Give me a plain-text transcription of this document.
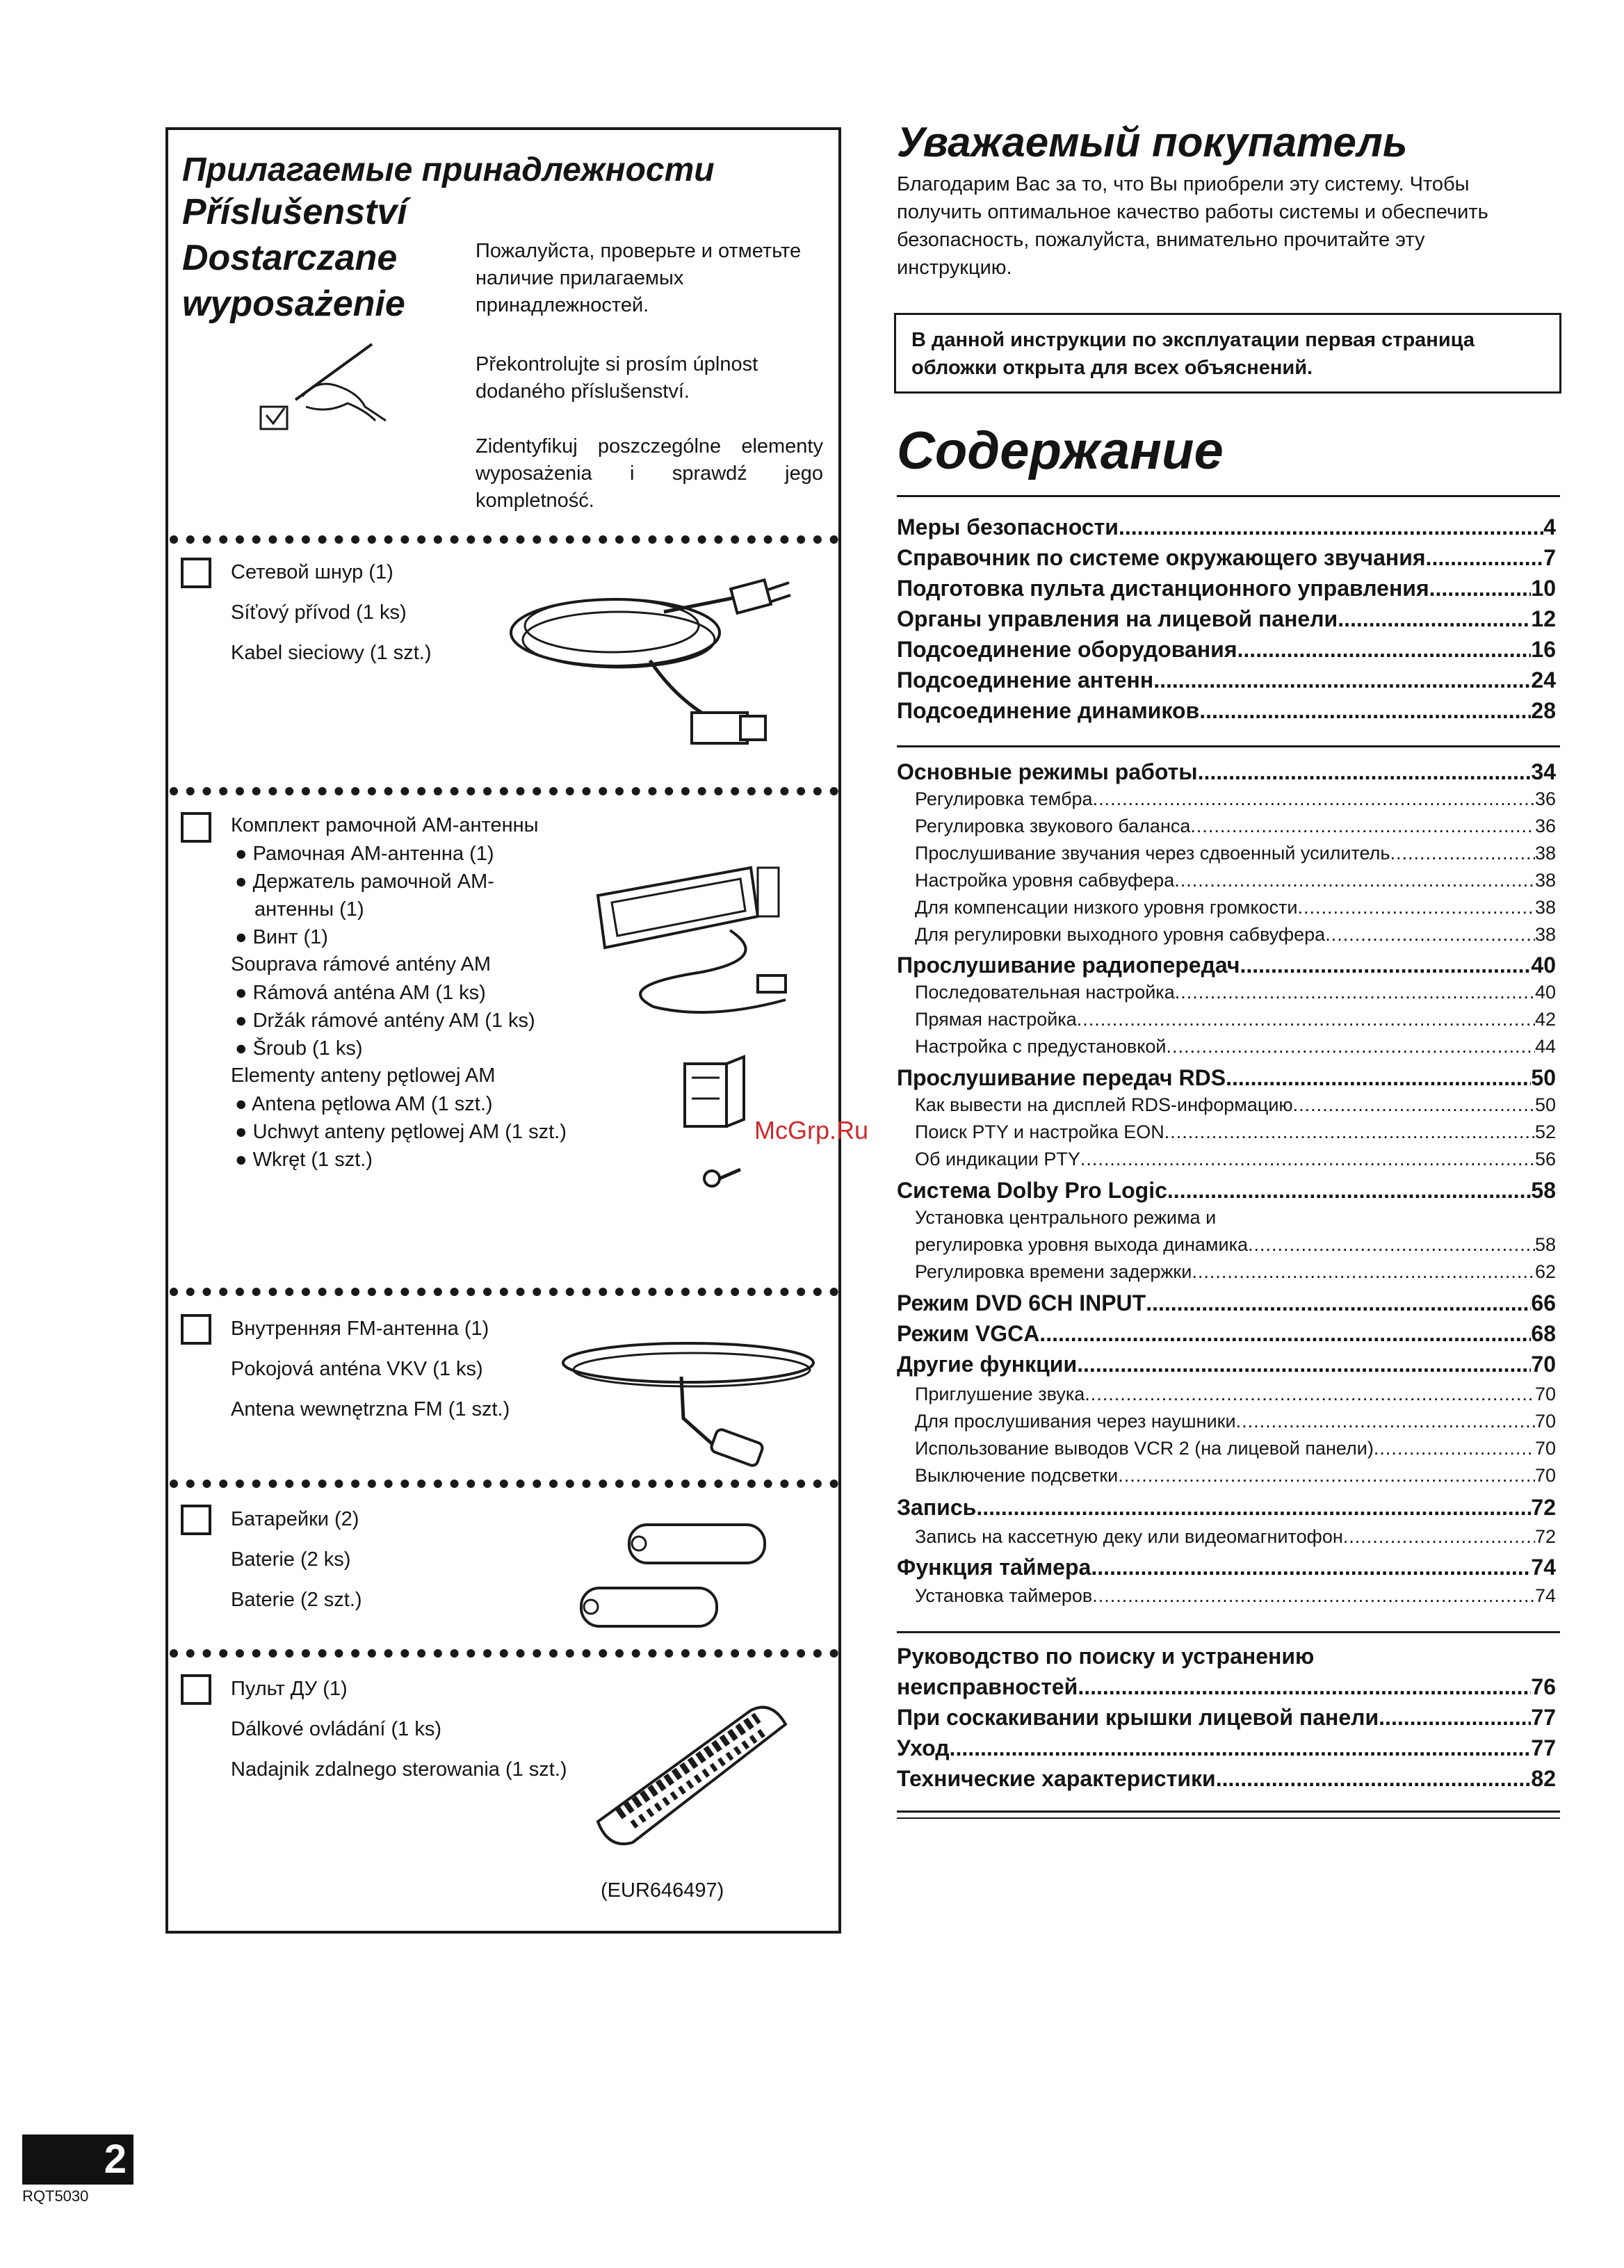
Прилагаемые принадлежности
Příslušenství
Dostarczane
wyposażenie
Пожалуйста, проверьте и отметьте наличие прилагаемых принадлежностей.
Překontrolujte si prosím úplnost dodaného příslušenství.
Zidentyfikuj poszczególne elementy wyposażenia i sprawdź jego kompletność.
Сетевой шнур (1)
Síťový přívod (1 ks)
Kabel sieciowy (1 szt.)
Комплект рамочной АМ-антенны
● Рамочная АМ-антенна (1)
● Держатель рамочной АМ-
антенны (1)
● Винт (1)
Souprava rámové antény AM
● Rámová anténa AM (1 ks)
● Držák rámové antény AM (1 ks)
● Šroub (1 ks)
Elementy anteny pętlowej AM
● Antena pętlowa AM (1 szt.)
● Uchwyt anteny pętlowej AM (1 szt.)
● Wkręt (1 szt.)
Внутренняя FM-антенна (1)
Pokojová anténa VKV (1 ks)
Antena wewnętrzna FM (1 szt.)
Батарейки (2)
Baterie (2 ks)
Baterie (2 szt.)
Пульт ДУ (1)
Dálkové ovládání (1 ks)
Nadajnik zdalnego sterowania (1 szt.)
(EUR646497)
Уважаемый покупатель
Благодарим Вас за то, что Вы приобрели эту систему. Чтобы получить оптимальное качество работы системы и обеспечить безопасность, пожалуйста, внимательно прочитайте эту инструкцию.
В данной инструкции по эксплуатации первая страница обложки открыта для всех объяснений.
Содержание
Меры безопасности .....	4
Справочник по системе окружающего звучания .....	7
Подготовка пульта дистанционного управления .....	10
Органы управления на лицевой панели .....	12
Подсоединение оборудования .....	16
Подсоединение антенн .....	24
Подсоединение динамиков .....	28
Основные режимы работы .....	34
Регулировка тембра .....	36
Регулировка звукового баланса .....	36
Прослушивание звучания через сдвоенный усилитель .....	38
Настройка уровня сабвуфера .....	38
Для компенсации низкого уровня громкости .....	38
Для регулировки выходного уровня сабвуфера .....	38
Прослушивание радиопередач .....	40
Последовательная настройка .....	40
Прямая настройка .....	42
Настройка с предустановкой .....	44
Прослушивание передач RDS .....	50
Как вывести на дисплей RDS-информацию .....	50
Поиск PTY и настройка EON .....	52
Об индикации PTY .....	56
Система Dolby Pro Logic .....	58
Установка центрального режима и
регулировка уровня выхода динамика .....	58
Регулировка времени задержки .....	62
Режим DVD 6CH INPUT .....	66
Режим VGCA .....	68
Другие функции .....	70
Приглушение звука .....	70
Для прослушивания через наушники .....	70
Использование выводов VCR 2 (на лицевой панели) .....	70
Выключение подсветки .....	70
Запись .....	72
Запись на кассетную деку или видеомагнитофон .....	72
Функция таймера .....	74
Установка таймеров .....	74
Руководство по поиску и устранению
неисправностей .....	76
При соскакивании крышки лицевой панели .....	77
Уход .....	77
Технические характеристики .....	82
McGrp.Ru
2
RQT5030
